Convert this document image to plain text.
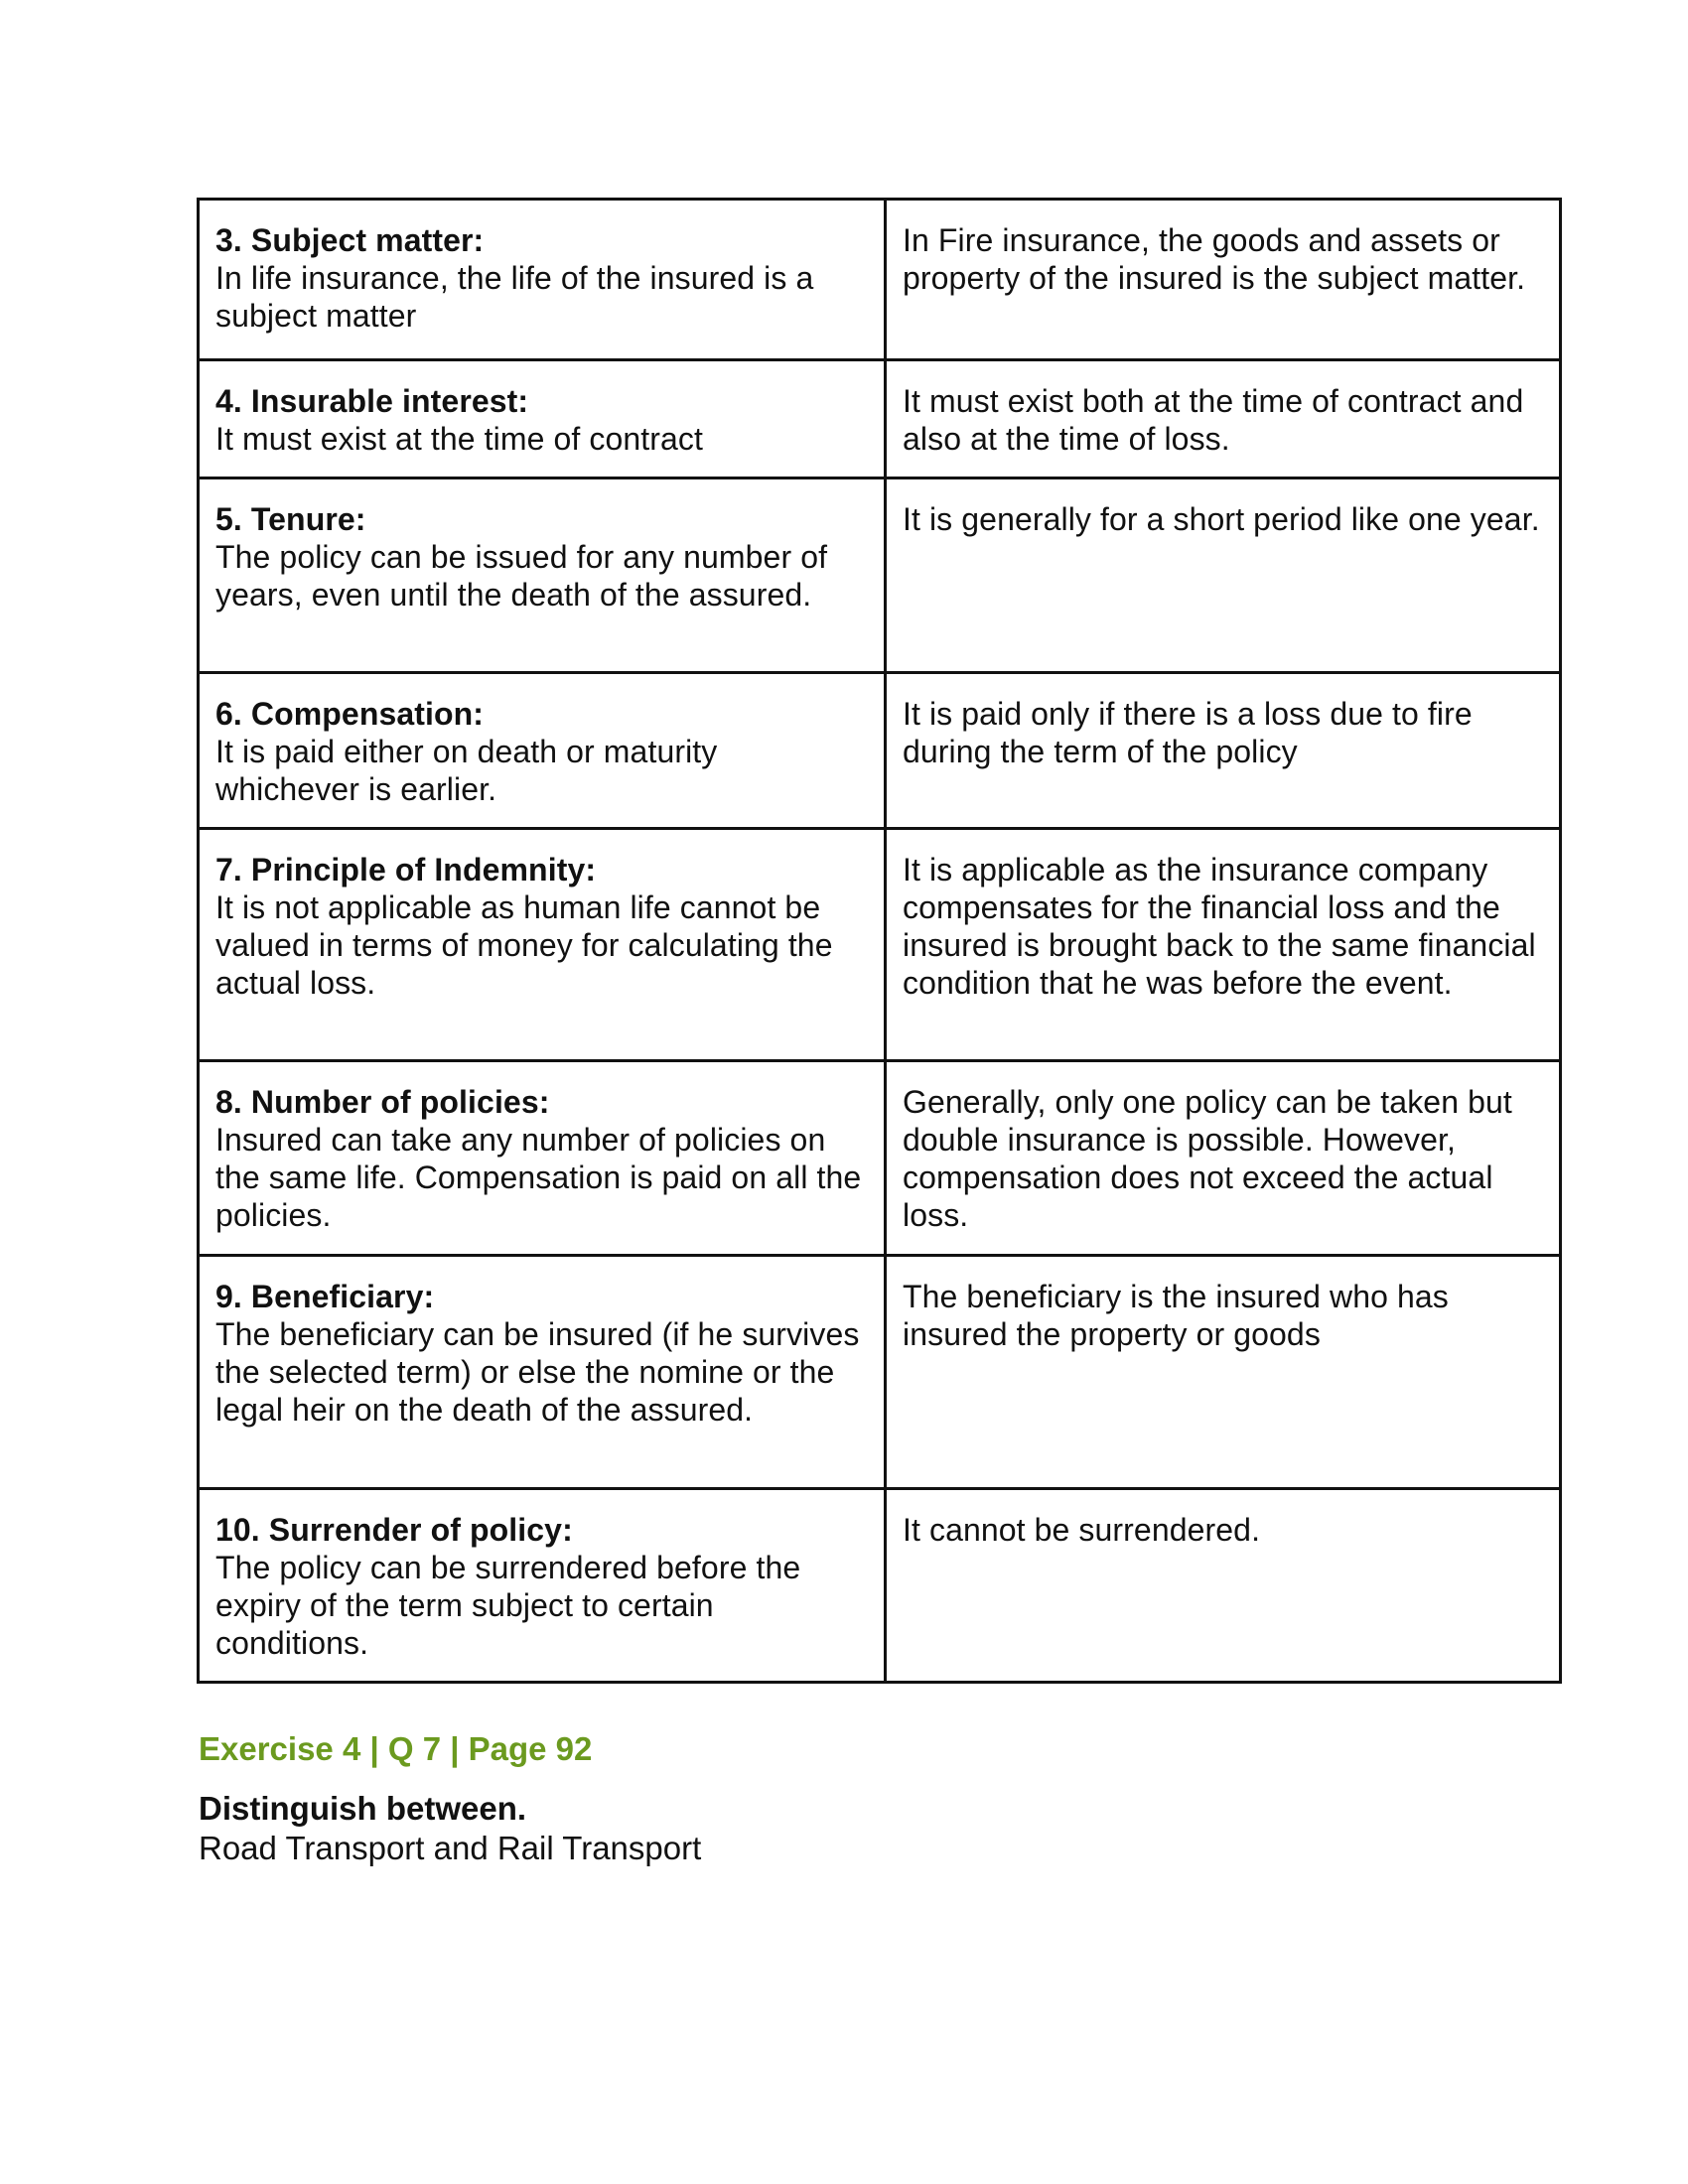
3. Subject matter:
In life insurance, the life of the insured is a subject matter	In Fire insurance, the goods and assets or property of the insured is the subject matter.

4. Insurable interest:
It must exist at the time of contract	It must exist both at the time of contract and also at the time of loss.

5. Tenure:
The policy can be issued for any number of years, even until the death of the assured.	It is generally for a short period like one year.

6. Compensation:
It is paid either on death or maturity whichever is earlier.	It is paid only if there is a loss due to fire during the term of the policy

7. Principle of Indemnity:
It is not applicable as human life cannot be valued in terms of money for calculating the actual loss.	It is applicable as the insurance company compensates for the financial loss and the insured is brought back to the same financial condition that he was before the event.

8. Number of policies:
Insured can take any number of policies on the same life. Compensation is paid on all the policies.	Generally, only one policy can be taken but double insurance is possible. However, compensation does not exceed the actual loss.

9. Beneficiary:
The beneficiary can be insured (if he survives the selected term) or else the nomine or the legal heir on the death of the assured.	The beneficiary is the insured who has insured the property or goods

10. Surrender of policy:
The policy can be surrendered before the expiry of the term subject to certain conditions.	It cannot be surrendered.
Exercise 4 | Q 7 | Page 92
Distinguish between.
Road Transport and Rail Transport
